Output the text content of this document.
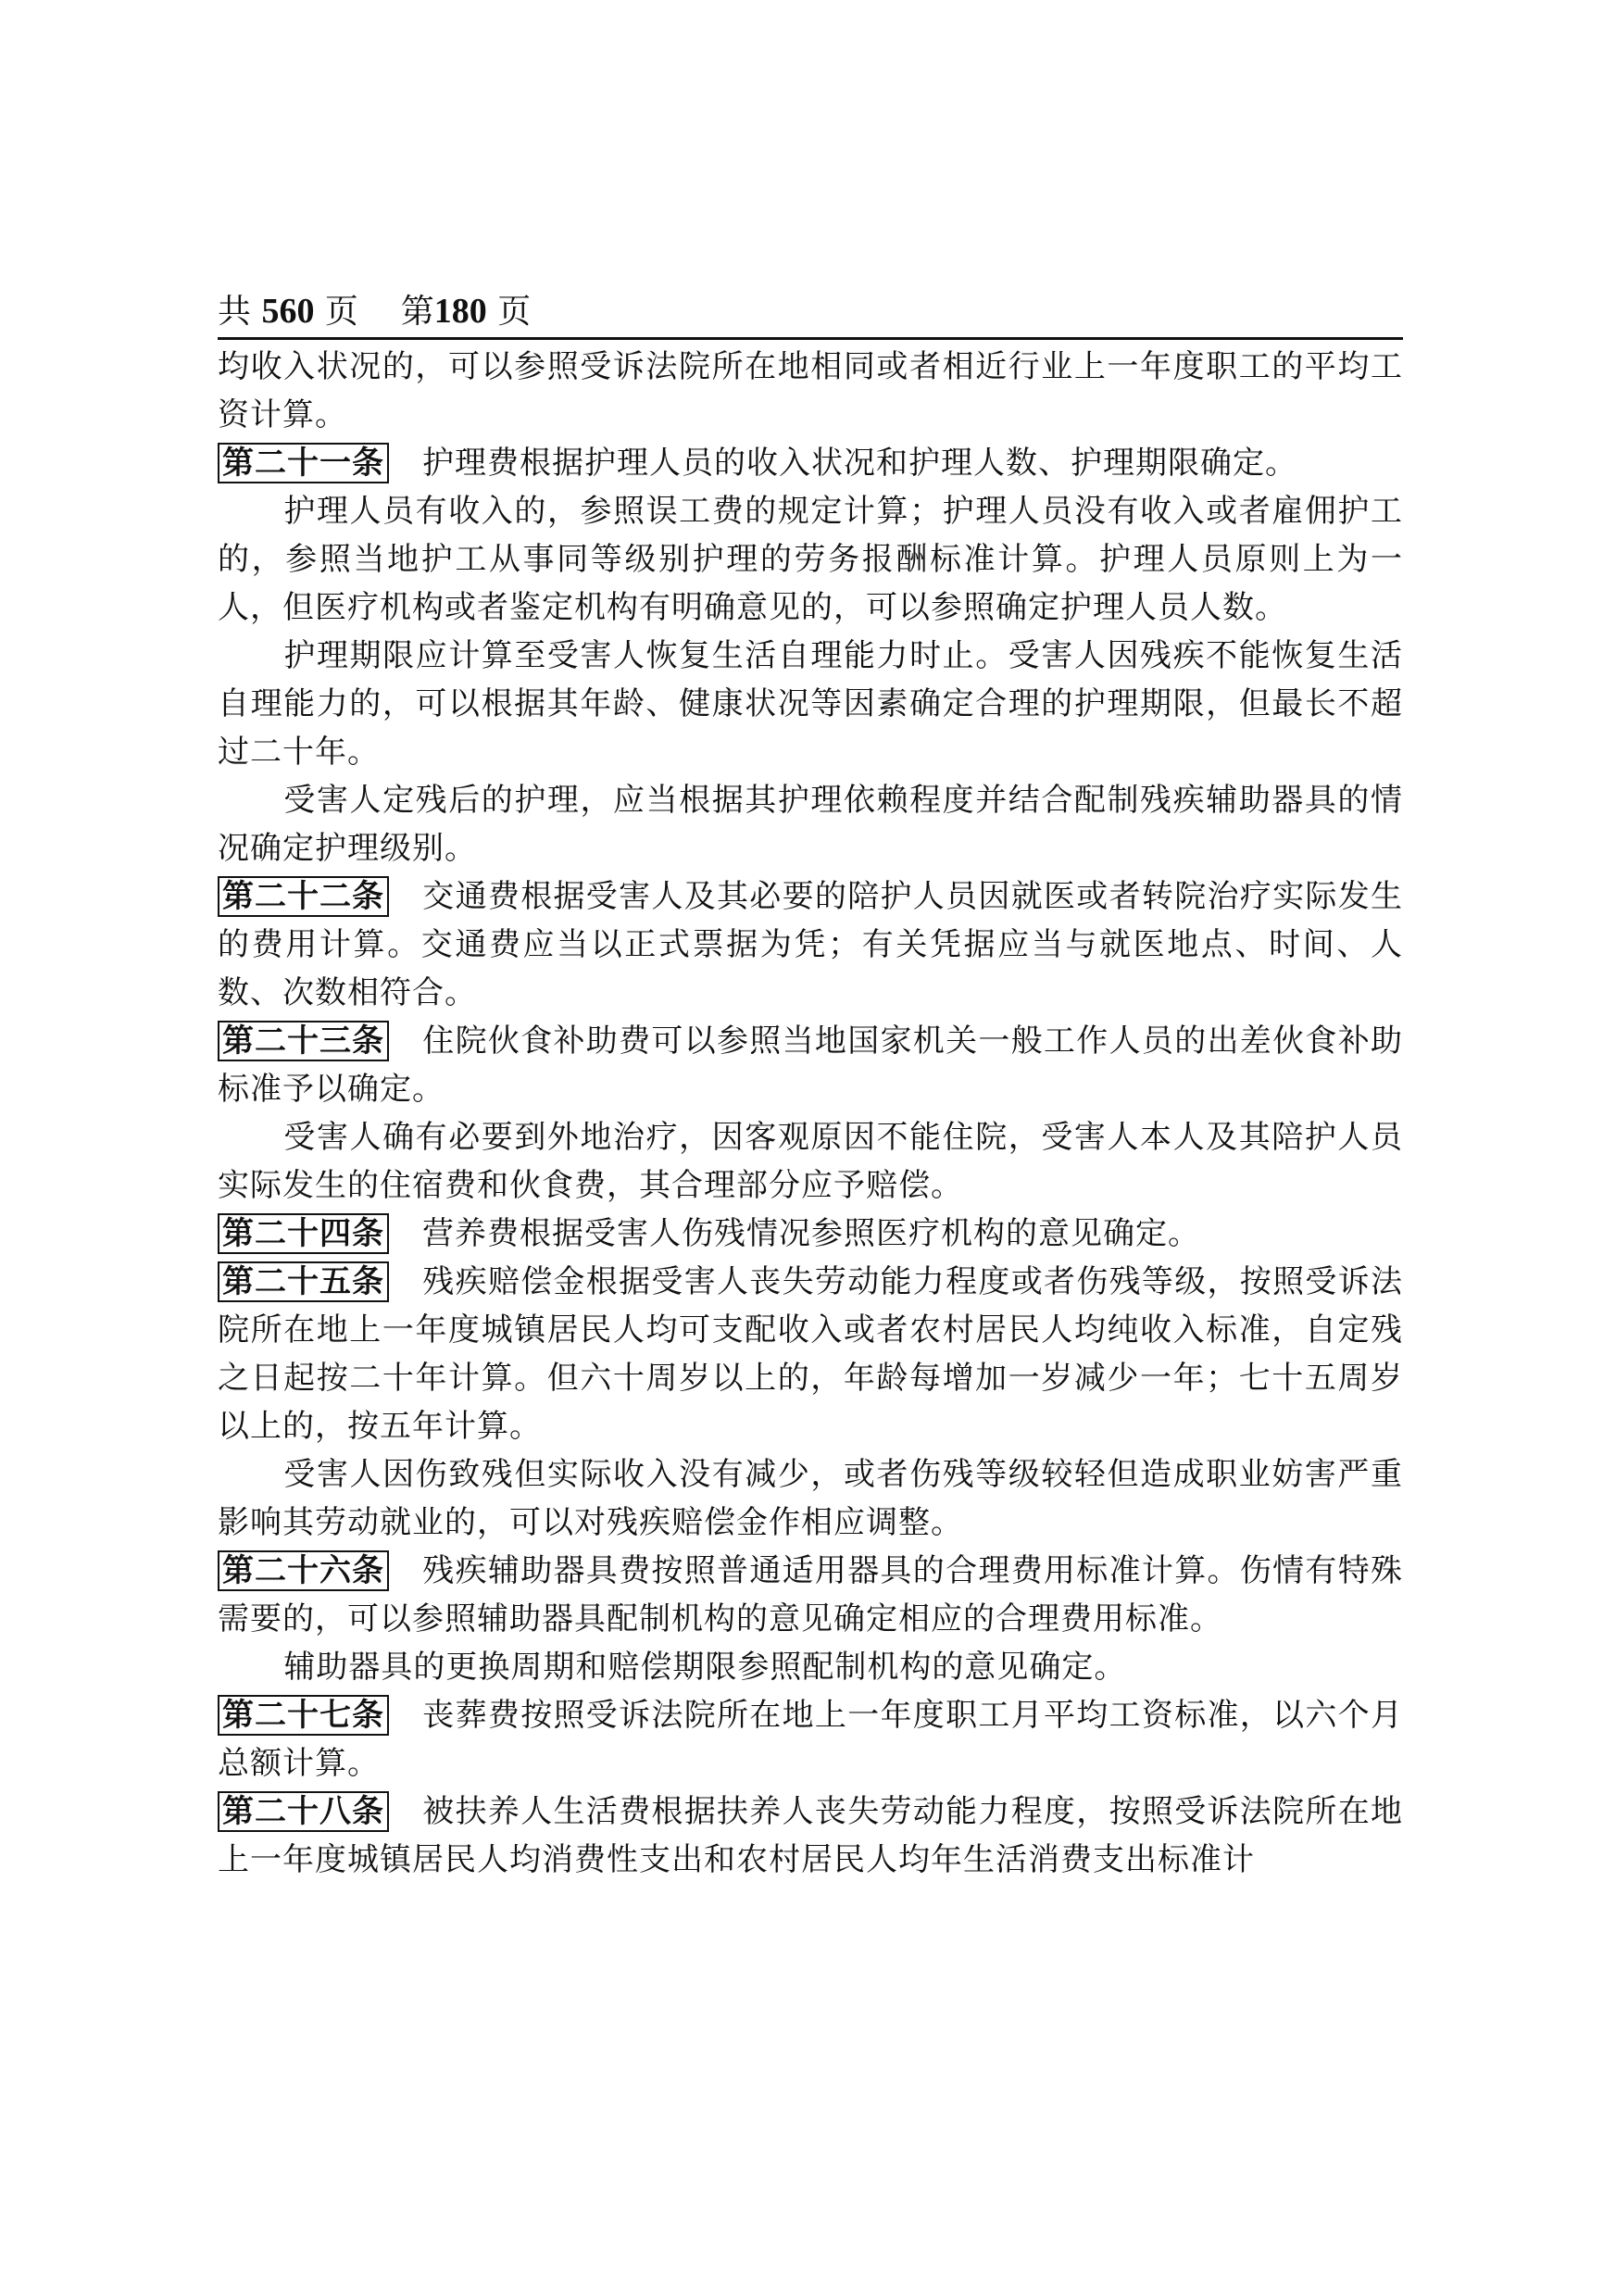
共 560 页 第180 页

均收入状况的，可以参照受诉法院所在地相同或者相近行业上一年度职工的平均工资计算。

第二十一条 护理费根据护理人员的收入状况和护理人数、护理期限确定。

护理人员有收入的，参照误工费的规定计算；护理人员没有收入或者雇佣护工的，参照当地护工从事同等级别护理的劳务报酬标准计算。护理人员原则上为一人，但医疗机构或者鉴定机构有明确意见的，可以参照确定护理人员人数。

护理期限应计算至受害人恢复生活自理能力时止。受害人因残疾不能恢复生活自理能力的，可以根据其年龄、健康状况等因素确定合理的护理期限，但最长不超过二十年。

受害人定残后的护理，应当根据其护理依赖程度并结合配制残疾辅助器具的情况确定护理级别。

第二十二条 交通费根据受害人及其必要的陪护人员因就医或者转院治疗实际发生的费用计算。交通费应当以正式票据为凭；有关凭据应当与就医地点、时间、人数、次数相符合。

第二十三条 住院伙食补助费可以参照当地国家机关一般工作人员的出差伙食补助标准予以确定。

受害人确有必要到外地治疗，因客观原因不能住院，受害人本人及其陪护人员实际发生的住宿费和伙食费，其合理部分应予赔偿。

第二十四条 营养费根据受害人伤残情况参照医疗机构的意见确定。

第二十五条 残疾赔偿金根据受害人丧失劳动能力程度或者伤残等级，按照受诉法院所在地上一年度城镇居民人均可支配收入或者农村居民人均纯收入标准，自定残之日起按二十年计算。但六十周岁以上的，年龄每增加一岁减少一年；七十五周岁以上的，按五年计算。

受害人因伤致残但实际收入没有减少，或者伤残等级较轻但造成职业妨害严重影响其劳动就业的，可以对残疾赔偿金作相应调整。

第二十六条 残疾辅助器具费按照普通适用器具的合理费用标准计算。伤情有特殊需要的，可以参照辅助器具配制机构的意见确定相应的合理费用标准。

辅助器具的更换周期和赔偿期限参照配制机构的意见确定。

第二十七条 丧葬费按照受诉法院所在地上一年度职工月平均工资标准，以六个月总额计算。

第二十八条 被扶养人生活费根据扶养人丧失劳动能力程度，按照受诉法院所在地上一年度城镇居民人均消费性支出和农村居民人均年生活消费支出标准计
